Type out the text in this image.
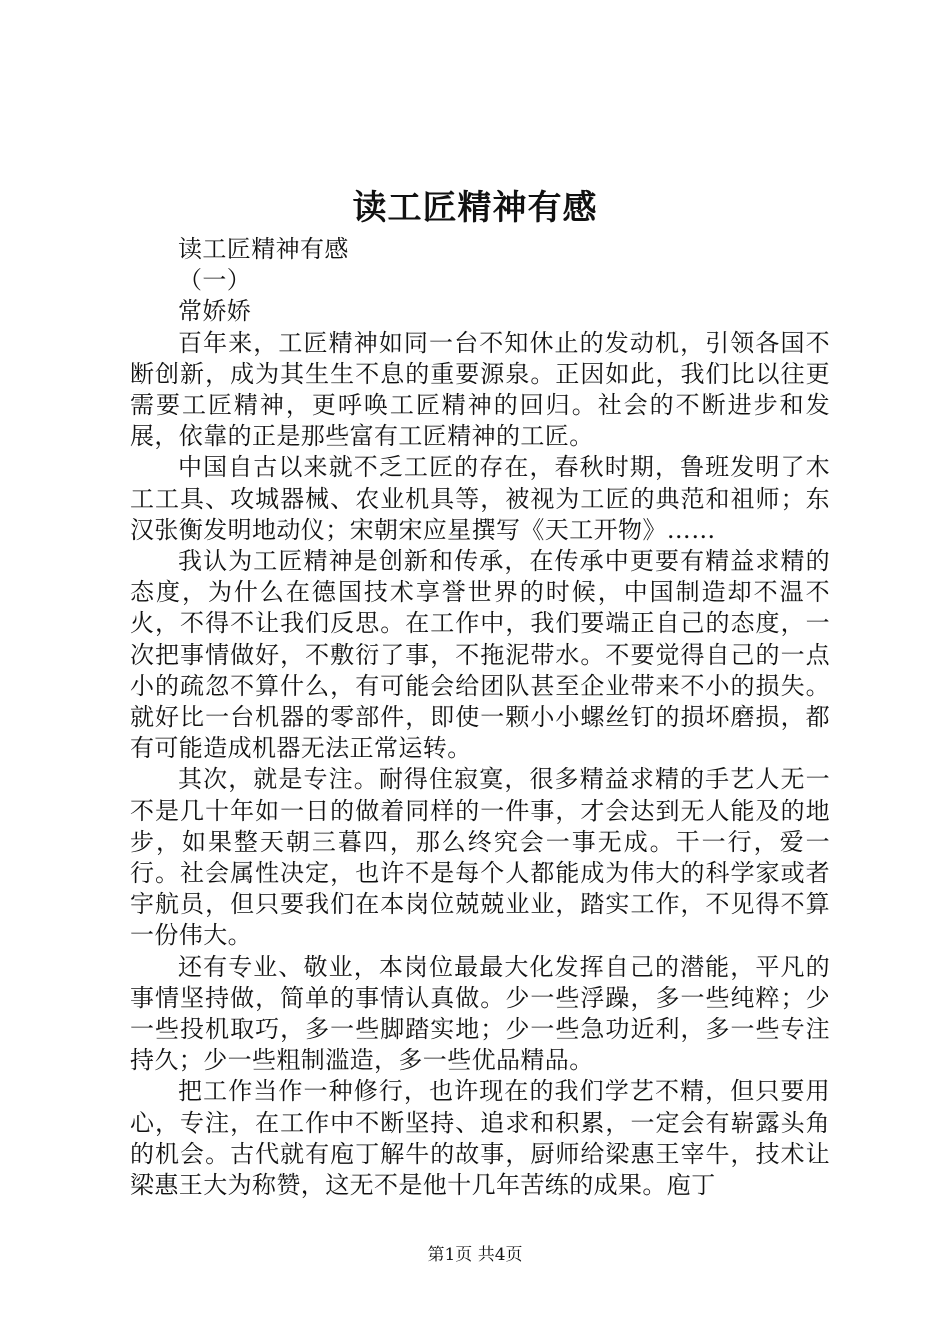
读工匠精神有感

读工匠精神有感

（一）

常娇娇

百年来，工匠精神如同一台不知休止的发动机，引领各国不断创新，成为其生生不息的重要源泉。正因如此，我们比以往更需要工匠精神，更呼唤工匠精神的回归。社会的不断进步和发展，依靠的正是那些富有工匠精神的工匠。

中国自古以来就不乏工匠的存在，春秋时期，鲁班发明了木工工具、攻城器械、农业机具等，被视为工匠的典范和祖师；东汉张衡发明地动仪；宋朝宋应星撰写《天工开物》……

我认为工匠精神是创新和传承，在传承中更要有精益求精的态度，为什么在德国技术享誉世界的时候，中国制造却不温不火，不得不让我们反思。在工作中，我们要端正自己的态度，一次把事情做好，不敷衍了事，不拖泥带水。不要觉得自己的一点小的疏忽不算什么，有可能会给团队甚至企业带来不小的损失。就好比一台机器的零部件，即使一颗小小螺丝钉的损坏磨损，都有可能造成机器无法正常运转。

其次，就是专注。耐得住寂寞，很多精益求精的手艺人无一不是几十年如一日的做着同样的一件事，才会达到无人能及的地步，如果整天朝三暮四，那么终究会一事无成。干一行，爱一行。社会属性决定，也许不是每个人都能成为伟大的科学家或者宇航员，但只要我们在本岗位兢兢业业，踏实工作，不见得不算一份伟大。

还有专业、敬业，本岗位最最大化发挥自己的潜能，平凡的事情坚持做，简单的事情认真做。少一些浮躁，多一些纯粹；少一些投机取巧，多一些脚踏实地；少一些急功近利，多一些专注持久；少一些粗制滥造，多一些优品精品。

把工作当作一种修行，也许现在的我们学艺不精，但只要用心，专注，在工作中不断坚持、追求和积累，一定会有崭露头角的机会。古代就有庖丁解牛的故事，厨师给梁惠王宰牛，技术让梁惠王大为称赞，这无不是他十几年苦练的成果。庖丁

第1页 共4页
